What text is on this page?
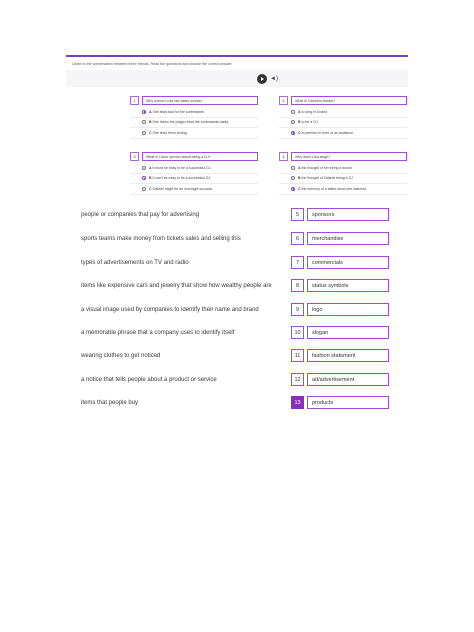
Listen to the conversation between three friends. Read the questions and choose the correct answer.
◄)
1	Why doesn't Lisa like talent shows?
A
She finds bad for the contestants.
B
She thinks the judges treat the contestants badly.
C
She finds them boring.
2	What is Gabriel's dream?
A
to sing in a band
B
to be a DJ
C
to perform in front of an audience
3	What is Lisa's opinion about being a DJ?
A
It must be easy to be a successful DJ.
B
It can't be easy to be a successful DJ.
C
Gabriel might be an overnight success.
4	Why does Lisa laugh?
A
the thought of her being a doctor
B
the thought of Gabriel being a DJ
C
the memory of a talent show she watched
people or companies that pay for advertising	5	sponsors
sports teams make money from tickets sales and selling this	6	merchandise
types of advertisements on TV and radio	7	commercials
items like expensive cars and jewelry that show how wealthy people are	8	status symbols
a visual image used by companies to identify their name and brand	9	logo
a memorable phrase that a company uses to identify itself	10	slogan
wearing clothes to get noticed	11	fashion statement
a notice that tells people about a product or service	12	ad/advertisement
items that people buy	13	products
